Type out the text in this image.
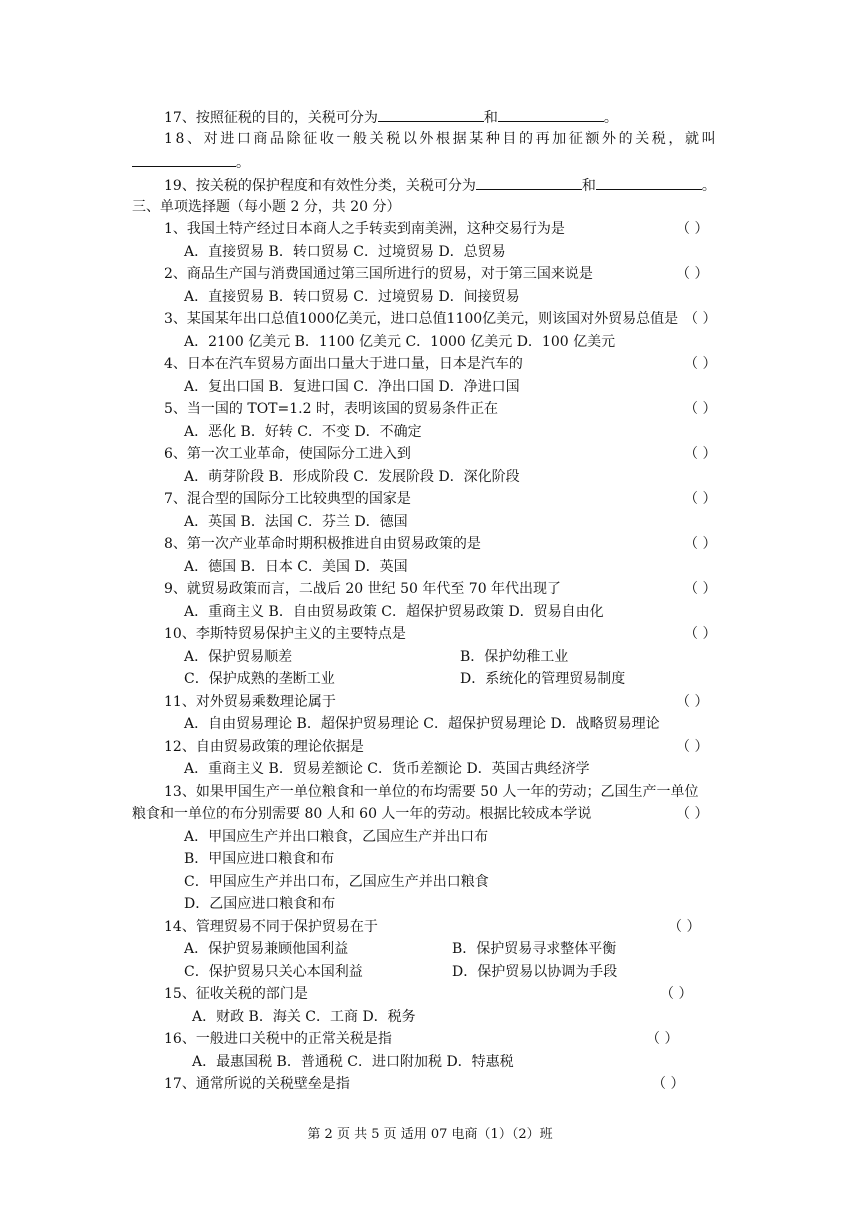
17、按照征税的目的，关税可分为	和	。
18、对进口商品除征收一般关税以外根据某种目的再加征额外的关税，就叫
。
19、按关税的保护程度和有效性分类，关税可分为	和	。
三、单项选择题（每小题 2 分，共 20 分）
1、我国土特产经过日本商人之手转卖到南美洲，这种交易行为是	（ ）
A．直接贸易 B．转口贸易 C．过境贸易 D．总贸易
2、商品生产国与消费国通过第三国所进行的贸易，对于第三国来说是	（ ）
A．直接贸易 B．转口贸易 C．过境贸易 D．间接贸易
3、某国某年出口总值1000亿美元，进口总值1100亿美元，则该国对外贸易总值是 （ ）
A．2100 亿美元 B．1100 亿美元 C．1000 亿美元 D．100 亿美元
4、日本在汽车贸易方面出口量大于进口量，日本是汽车的	（ ）
A．复出口国 B．复进口国 C．净出口国 D．净进口国
5、当一国的 TOT=1.2 时，表明该国的贸易条件正在	（ ）
A．恶化 B．好转 C．不变 D．不确定
6、第一次工业革命，使国际分工进入到	（ ）
A．萌芽阶段 B．形成阶段 C．发展阶段 D．深化阶段
7、混合型的国际分工比较典型的国家是	（ ）
A．英国 B．法国 C．芬兰 D．德国
8、第一次产业革命时期积极推进自由贸易政策的是	（ ）
A．德国 B．日本 C．美国 D．英国
9、就贸易政策而言，二战后 20 世纪 50 年代至 70 年代出现了	（ ）
A．重商主义 B．自由贸易政策 C．超保护贸易政策 D．贸易自由化
10、李斯特贸易保护主义的主要特点是	（ ）
A．保护贸易顺差	B．保护幼稚工业
C．保护成熟的垄断工业	D．系统化的管理贸易制度
11、对外贸易乘数理论属于	（ ）
A．自由贸易理论 B．超保护贸易理论 C．超保护贸易理论 D．战略贸易理论
12、自由贸易政策的理论依据是	（ ）
A．重商主义 B．贸易差额论 C．货币差额论 D．英国古典经济学
13、如果甲国生产一单位粮食和一单位的布均需要 50 人一年的劳动；乙国生产一单位
粮食和一单位的布分别需要 80 人和 60 人一年的劳动。根据比较成本学说	（ ）
A．甲国应生产并出口粮食，乙国应生产并出口布
B．甲国应进口粮食和布
C．甲国应生产并出口布，乙国应生产并出口粮食
D．乙国应进口粮食和布
14、管理贸易不同于保护贸易在于	（ ）
A．保护贸易兼顾他国利益	B．保护贸易寻求整体平衡
C．保护贸易只关心本国利益	D．保护贸易以协调为手段
15、征收关税的部门是	（ ）
A．财政 B．海关 C．工商 D．税务
16、一般进口关税中的正常关税是指	（ ）
A．最惠国税 B．普通税 C．进口附加税 D．特惠税
17、通常所说的关税壁垒是指	（ ）
第 2 页 共 5 页 适用 07 电商（1）（2）班
